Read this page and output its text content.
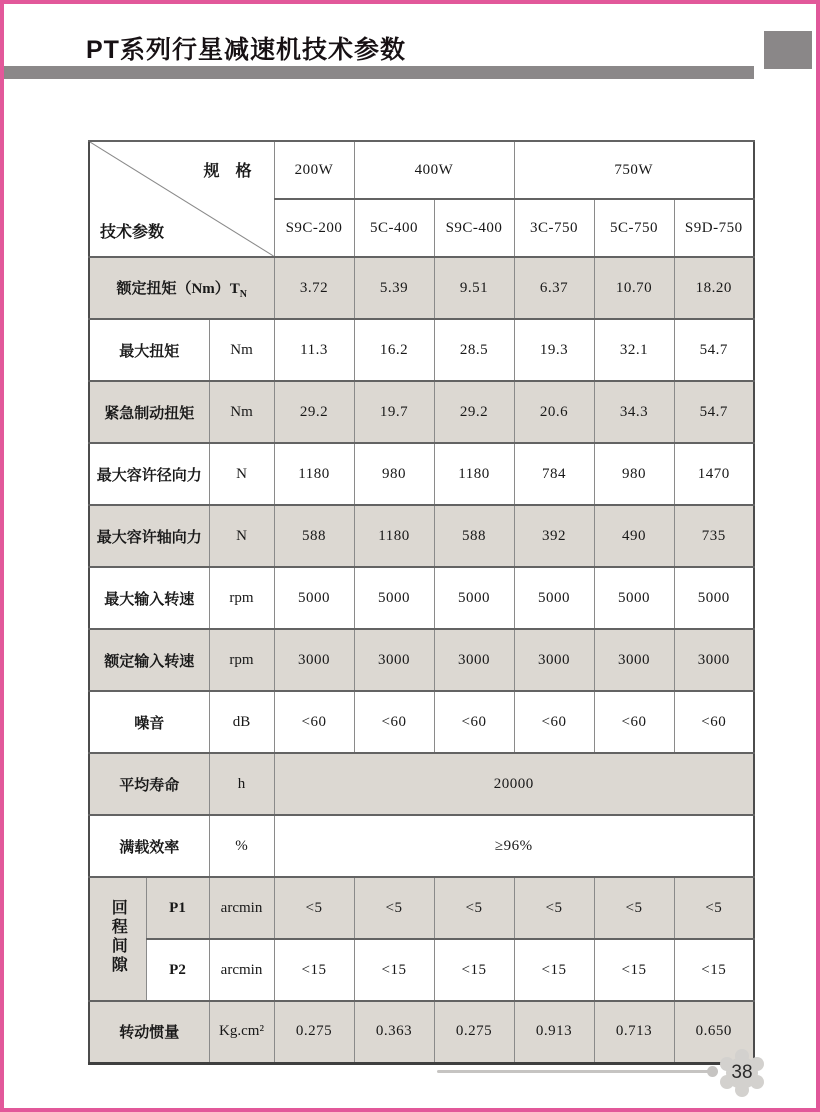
PT系列行星减速机技术参数
规　格
技术参数			200W	400W		750W		
			S9C-200	5C-400	S9C-400	3C-750	5C-750	S9D-750
额定扭矩$(Nm)T_N$			3.72	5.39	9.51	6.37	10.70	18.20
最大扭矩		Nm	11.3	16.2	28.5	19.3	32.1	54.7
紧急制动扭矩		Nm	29.2	19.7	29.2	20.6	34.3	54.7
最大容许径向力		N	1180	980	1180	784	980	1470
最大容许轴向力		N	588	1180	588	392	490	735
最大输入转速		rpm	5000	5000	5000	5000	5000	5000
额定输入转速		rpm	3000	3000	3000	3000	3000	3000
噪音		dB	<60	<60	<60	<60	<60	<60
平均寿命		h	20000					
满载效率		%	≥96%					
回程间隙	P1	arcmin	<5	<5	<5	<5	<5	<5
	P2	arcmin	<15	<15	<15	<15	<15	<15
转动惯量		Kg.cm²	0.275	0.363	0.275	0.913	0.713	0.650
38
